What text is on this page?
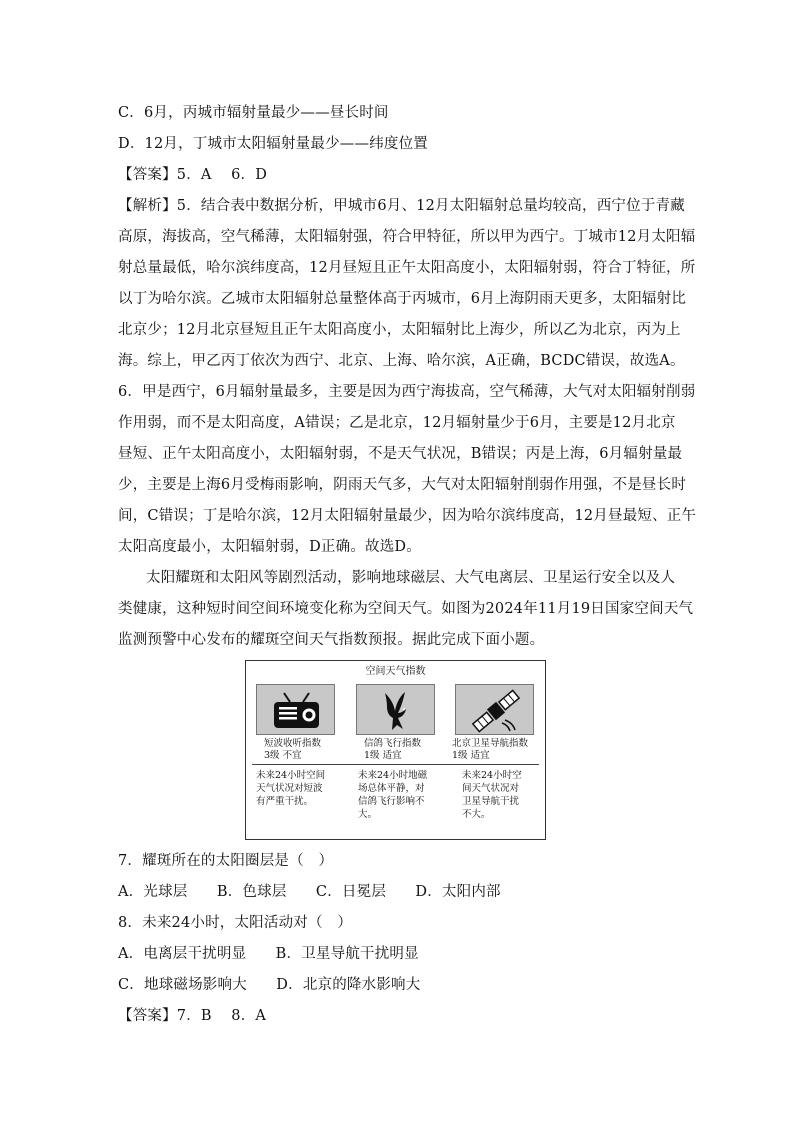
C．6月，丙城市辐射量最少——昼长时间
D．12月，丁城市太阳辐射量最少——纬度位置
【答案】5．A　 6．D
【解析】5．结合表中数据分析，甲城市6月、12月太阳辐射总量均较高，西宁位于青藏
高原，海拔高，空气稀薄，太阳辐射强，符合甲特征，所以甲为西宁。丁城市12月太阳辐
射总量最低，哈尔滨纬度高，12月昼短且正午太阳高度小，太阳辐射弱，符合丁特征，所
以丁为哈尔滨。乙城市太阳辐射总量整体高于丙城市，6月上海阴雨天更多，太阳辐射比
北京少；12月北京昼短且正午太阳高度小，太阳辐射比上海少，所以乙为北京，丙为上
海。综上，甲乙丙丁依次为西宁、北京、上海、哈尔滨，A正确，BCDC错误，故选A。
6．甲是西宁，6月辐射量最多，主要是因为西宁海拔高，空气稀薄，大气对太阳辐射削弱
作用弱，而不是太阳高度，A错误；乙是北京，12月辐射量少于6月，主要是12月北京
昼短、正午太阳高度小，太阳辐射弱，不是天气状况，B错误；丙是上海，6月辐射量最
少，主要是上海6月受梅雨影响，阴雨天气多，大气对太阳辐射削弱作用强，不是昼长时
间，C错误；丁是哈尔滨，12月太阳辐射量最少，因为哈尔滨纬度高，12月昼最短、正午
太阳高度最小，太阳辐射弱，D正确。故选D。
太阳耀斑和太阳风等剧烈活动，影响地球磁层、大气电离层、卫星运行安全以及人
类健康，这种短时间空间环境变化称为空间天气。如图为2024年11月19日国家空间天气
监测预警中心发布的耀斑空间天气指数预报。据此完成下面小题。
空间天气指数
短波收听指数
3级 不宜
信鸽飞行指数
1级 适宜
北京卫星导航指数
1级 适宜
未来24小时空间天气状况对短波有严重干扰。
未来24小时地磁场总体平静，对信鸽飞行影响不大。
未来24小时空间天气状况对卫星导航干扰不大。
7．耀斑所在的太阳圈层是（　）
A．光球层　　B．色球层　　C．日冕层　　D．太阳内部
8．未来24小时，太阳活动对（　）
A．电离层干扰明显　　B．卫星导航干扰明显
C．地球磁场影响大　　D．北京的降水影响大
【答案】7．B　 8．A
